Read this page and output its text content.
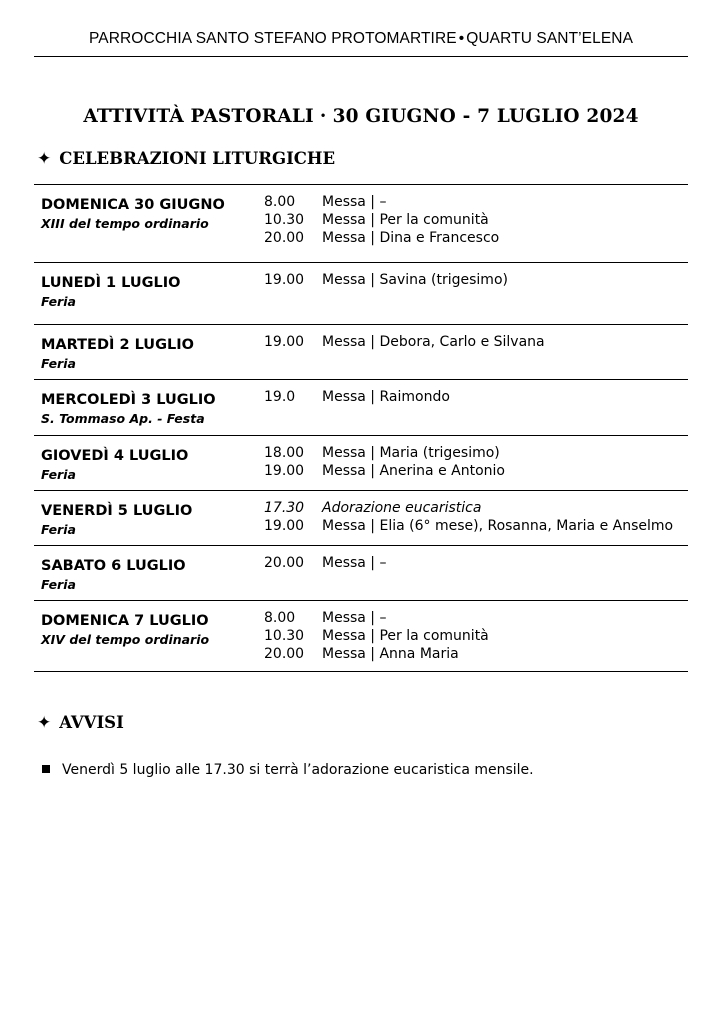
PARROCCHIA SANTO STEFANO PROTOMARTIRE • QUARTU SANT’ELENA
ATTIVITÀ PASTORALI · 30 GIUGNO - 7 LUGLIO 2024
✦ CELEBRAZIONI LITURGICHE
DOMENICA 30 GIUGNO
XIII del tempo ordinario
8.00 Messa | –
10.30 Messa | Per la comunità
20.00 Messa | Dina e Francesco
LUNEDÌ 1 LUGLIO
Feria
19.00 Messa | Savina (trigesimo)
MARTEDÌ 2 LUGLIO
Feria
19.00 Messa | Debora, Carlo e Silvana
MERCOLEDÌ 3 LUGLIO
S. Tommaso Ap. - Festa
19.0 Messa | Raimondo
GIOVEDÌ 4 LUGLIO
Feria
18.00 Messa | Maria (trigesimo)
19.00 Messa | Anerina e Antonio
VENERDÌ 5 LUGLIO
Feria
17.30 Adorazione eucaristica
19.00 Messa | Elia (6° mese), Rosanna, Maria e Anselmo
SABATO 6 LUGLIO
Feria
20.00 Messa | –
DOMENICA 7 LUGLIO
XIV del tempo ordinario
8.00 Messa | –
10.30 Messa | Per la comunità
20.00 Messa | Anna Maria
✦ AVVISI
Venerdì 5 luglio alle 17.30 si terrà l’adorazione eucaristica mensile.
